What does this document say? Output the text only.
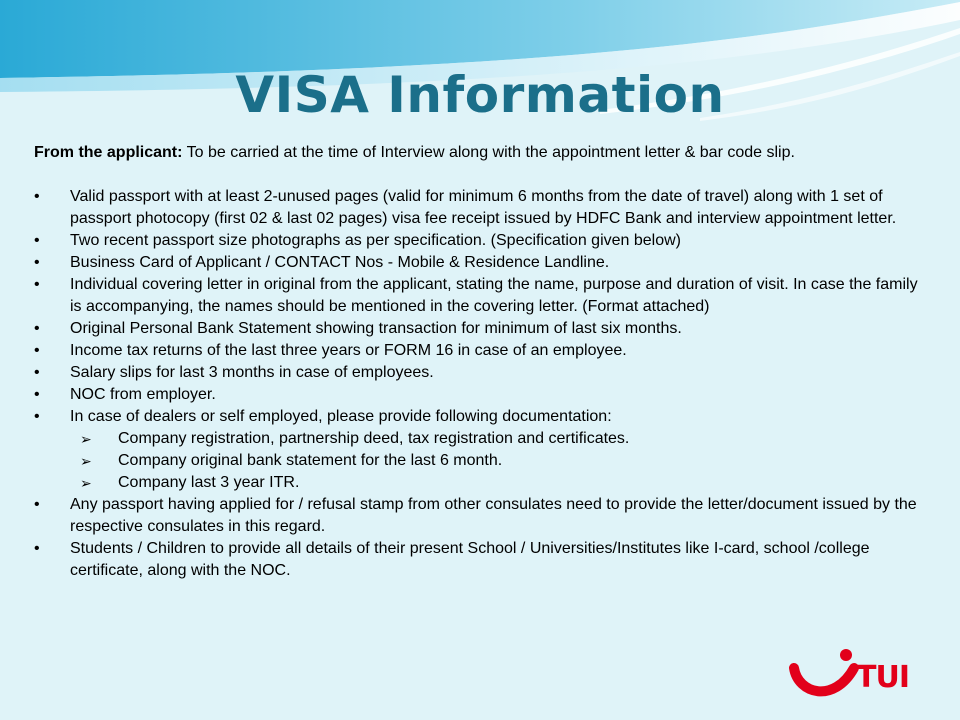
VISA Information

From the applicant: To be carried at the time of Interview along with the appointment letter & bar code slip.

• Valid passport with at least 2-unused pages (valid for minimum 6 months from the date of travel) along with 1 set of passport photocopy (first 02 & last 02 pages) visa fee receipt issued by HDFC Bank and interview appointment letter.
• Two recent passport size photographs as per specification. (Specification given below)
• Business Card of Applicant / CONTACT Nos - Mobile & Residence Landline.
• Individual covering letter in original from the applicant, stating the name, purpose and duration of visit. In case the family is accompanying, the names should be mentioned in the covering letter. (Format attached)
• Original Personal Bank Statement showing transaction for minimum of last six months.
• Income tax returns of the last three years or FORM 16 in case of an employee.
• Salary slips for last 3 months in case of employees.
• NOC from employer.
• In case of dealers or self employed, please provide following documentation:
➢ Company registration, partnership deed, tax registration and certificates.
➢ Company original bank statement for the last 6 month.
➢ Company last 3 year ITR.
• Any passport having applied for / refusal stamp from other consulates need to provide the letter/document issued by the respective consulates in this regard.
• Students / Children to provide all details of their present School / Universities/Institutes like I-card, school /college certificate, along with the NOC.
TUI
